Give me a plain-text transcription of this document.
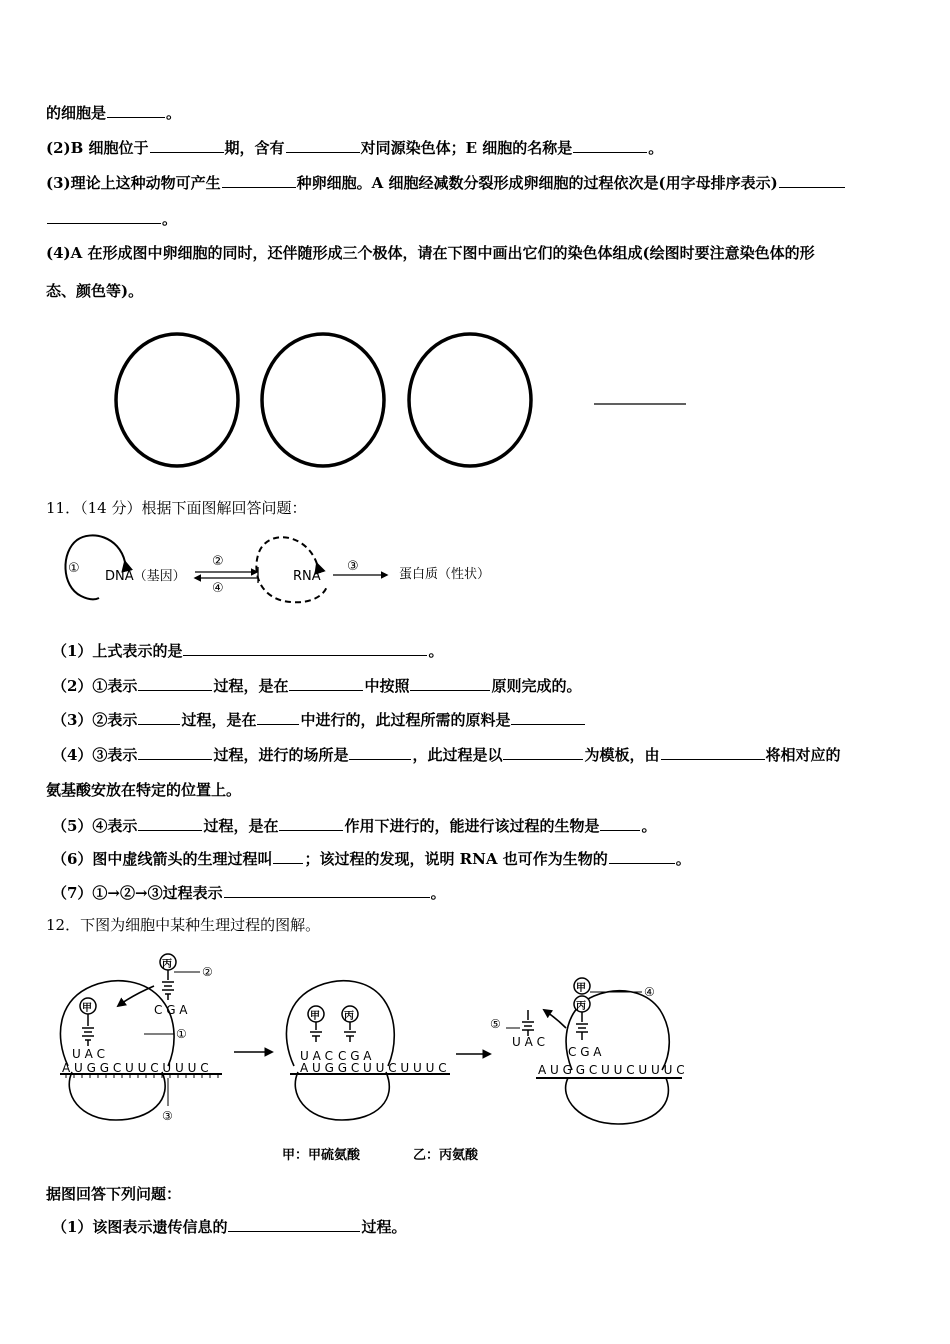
的细胞是	。
(2)B 细胞位于	期，含有	对同源染色体；E 细胞的名称是	。
(3)理论上这种动物可产生	种卵细胞。A 细胞经减数分裂形成卵细胞的过程依次是(用字母排序表示)
。
(4)A 在形成图中卵细胞的同时，还伴随形成三个极体，请在下图中画出它们的染色体组成(绘图时要注意染色体的形
态、颜色等)。
11．（14 分）根据下面图解回答问题：
①
DNA（基因）
②
④
RNA
③
蛋白质（性状）
（1）上式表示的是	。
（2）①表示	过程，是在	中按照	原则完成的。
（3）②表示	过程，是在	中进行的，此过程所需的原料是
（4）③表示	过程，进行的场所是	，此过程是以	为模板，由	将相对应的
氨基酸安放在特定的位置上。
（5）④表示	过程，是在	作用下进行的，能进行该过程的生物是	。
（6）图中虚线箭头的生理过程叫 ；该过程的发现，说明 RNA 也可作为生物的	。
（7）①→②→③过程表示	。
12．下图为细胞中某种生理过程的图解。
A U G G C U U C U U U C
甲
U A C
丙
C G A
②
①
③
A U G G C U U C U U U C
甲 丙
U A C C G A
A U G G C U U C U U U C
甲
丙
C G A
④
U A C
⑤
甲：甲硫氨酸	乙：丙氨酸
据图回答下列问题：
（1）该图表示遗传信息的	过程。
